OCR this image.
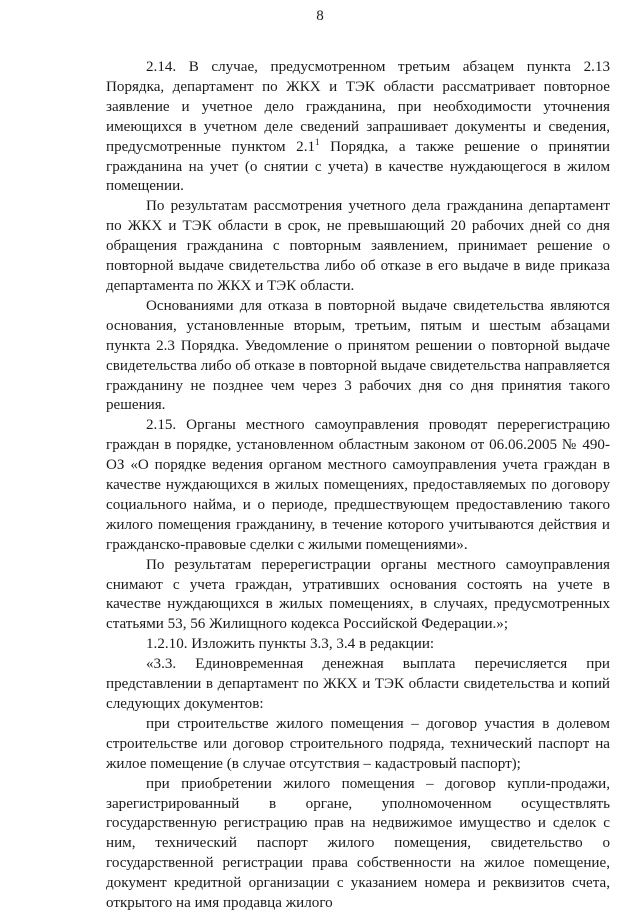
8

2.14. В случае, предусмотренном третьим абзацем пункта 2.13 Порядка, департамент по ЖКХ и ТЭК области рассматривает повторное заявление и учетное дело гражданина, при необходимости уточнения имеющихся в учетном деле сведений запрашивает документы и сведения, предусмотренные пунктом $2.1^1$ Порядка, а также решение о принятии гражданина на учет (о снятии с учета) в качестве нуждающегося в жилом помещении.

По результатам рассмотрения учетного дела гражданина департамент по ЖКХ и ТЭК области в срок, не превышающий 20 рабочих дней со дня обращения гражданина с повторным заявлением, принимает решение о повторной выдаче свидетельства либо об отказе в его выдаче в виде приказа департамента по ЖКХ и ТЭК области.

Основаниями для отказа в повторной выдаче свидетельства являются основания, установленные вторым, третьим, пятым и шестым абзацами пункта 2.3 Порядка. Уведомление о принятом решении о повторной выдаче свидетельства либо об отказе в повторной выдаче свидетельства направляется гражданину не позднее чем через 3 рабочих дня со дня принятия такого решения.

2.15. Органы местного самоуправления проводят перерегистрацию граждан в порядке, установленном областным законом от 06.06.2005 № 490-ОЗ «О порядке ведения органом местного самоуправления учета граждан в качестве нуждающихся в жилых помещениях, предоставляемых по договору социального найма, и о периоде, предшествующем предоставлению такого жилого помещения гражданину, в течение которого учитываются действия и гражданско-правовые сделки с жилыми помещениями».

По результатам перерегистрации органы местного самоуправления снимают с учета граждан, утративших основания состоять на учете в качестве нуждающихся в жилых помещениях, в случаях, предусмотренных статьями 53, 56 Жилищного кодекса Российской Федерации.»;

1.2.10. Изложить пункты 3.3, 3.4 в редакции:

«3.3. Единовременная денежная выплата перечисляется при представлении в департамент по ЖКХ и ТЭК области свидетельства и копий следующих документов:

при строительстве жилого помещения – договор участия в долевом строительстве или договор строительного подряда, технический паспорт на жилое помещение (в случае отсутствия – кадастровый паспорт);

при приобретении жилого помещения – договор купли-продажи, зарегистрированный в органе, уполномоченном осуществлять государственную регистрацию прав на недвижимое имущество и сделок с ним, технический паспорт жилого помещения, свидетельство о государственной регистрации права собственности на жилое помещение, документ кредитной организации с указанием номера и реквизитов счета, открытого на имя продавца жилого
